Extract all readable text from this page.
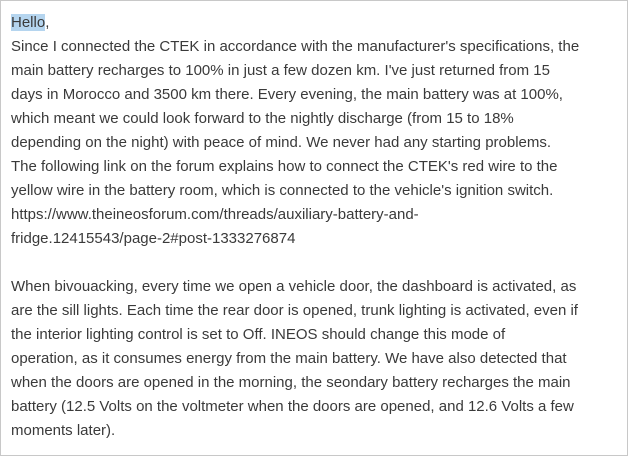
Hello,
Since I connected the CTEK in accordance with the manufacturer's specifications, the
main battery recharges to 100% in just a few dozen km. I've just returned from 15
days in Morocco and 3500 km there. Every evening, the main battery was at 100%,
which meant we could look forward to the nightly discharge (from 15 to 18%
depending on the night) with peace of mind. We never had any starting problems.
The following link on the forum explains how to connect the CTEK's red wire to the
yellow wire in the battery room, which is connected to the vehicle's ignition switch.
https://www.theineosforum.com/threads/auxiliary-battery-and-
fridge.12415543/page-2#post-1333276874
When bivouacking, every time we open a vehicle door, the dashboard is activated, as
are the sill lights. Each time the rear door is opened, trunk lighting is activated, even if
the interior lighting control is set to Off. INEOS should change this mode of
operation, as it consumes energy from the main battery. We have also detected that
when the doors are opened in the morning, the seondary battery recharges the main
battery (12.5 Volts on the voltmeter when the doors are opened, and 12.6 Volts a few
moments later).
